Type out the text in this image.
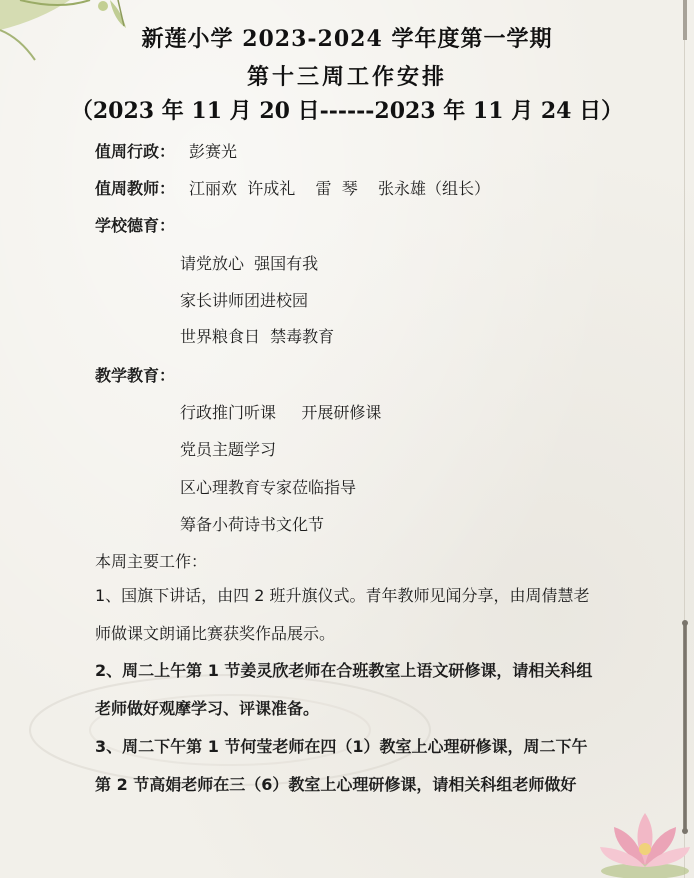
新莲小学 2023-2024 学年度第一学期
第十三周工作安排
（2023 年 11 月 20 日------2023 年 11 月 24 日）
值周行政： 彭赛光
值周教师： 江丽欢  许成礼    雷  琴    张永雄（组长）
学校德育：
请党放心  强国有我
家长讲师团进校园
世界粮食日  禁毒教育
教学教育：
行政推门听课     开展研修课
党员主题学习
区心理教育专家莅临指导
筹备小荷诗书文化节
本周主要工作：
1、国旗下讲话，由四 2 班升旗仪式。青年教师见闻分享，由周倩慧老师做课文朗诵比赛获奖作品展示。
2、周二上午第 1 节姜灵欣老师在合班教室上语文研修课，请相关科组老师做好观摩学习、评课准备。
3、周二下午第 1 节何莹老师在四（1）教室上心理研修课，周二下午第 2 节高娟老师在三（6）教室上心理研修课，请相关科组老师做好
